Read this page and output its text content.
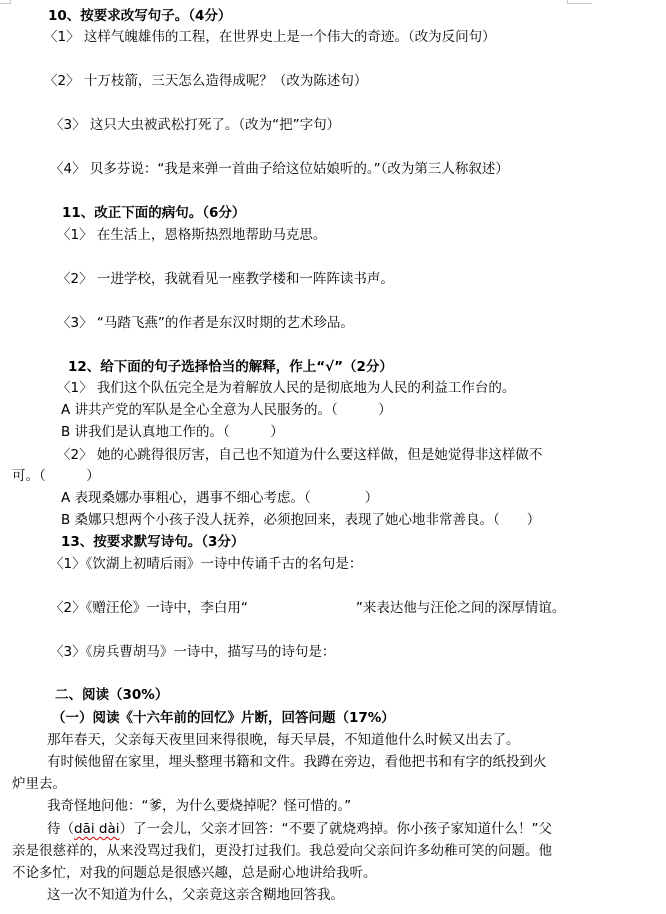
10、按要求改写句子。（4分）
〈1〉 这样气魄雄伟的工程，在世界史上是一个伟大的奇迹。（改为反问句）
〈2〉 十万枝箭，三天怎么造得成呢？（改为陈述句）
〈3〉 这只大虫被武松打死了。（改为“把”字句）
〈4〉 贝多芬说：“我是来弹一首曲子给这位姑娘听的。”（改为第三人称叙述）
11、改正下面的病句。（6分）
〈1〉 在生活上，恩格斯热烈地帮助马克思。
〈2〉 一进学校，我就看见一座教学楼和一阵阵读书声。
〈3〉 “马踏飞燕”的作者是东汉时期的艺术珍品。
12、给下面的句子选择恰当的解释，作上“√”（2分）
〈1〉 我们这个队伍完全是为着解放人民的是彻底地为人民的利益工作台的。
A 讲共产党的军队是全心全意为人民服务的。（　　　）
B 讲我们是认真地工作的。（　　　）
〈2〉 她的心跳得很厉害，自己也不知道为什么要这样做，但是她觉得非这样做不
可。（　　　）
A 表现桑娜办事粗心，遇事不细心考虑。（　　　　）
B 桑娜只想两个小孩子没人抚养，必须抱回来，表现了她心地非常善良。（　　）
13、按要求默写诗句。（3分）
〈1〉《饮湖上初晴后雨》一诗中传诵千古的名句是：
〈2〉《赠汪伦》一诗中，李白用“　　　　　　　　”来表达他与汪伦之间的深厚情谊。
〈3〉《房兵曹胡马》一诗中，描写马的诗句是：
二、阅读（30%）
（一）阅读《十六年前的回忆》片断，回答问题（17%）
那年春天，父亲每天夜里回来得很晚，每天早晨，不知道他什么时候又出去了。
有时候他留在家里，埋头整理书籍和文件。我蹲在旁边，看他把书和有字的纸投到火
炉里去。
我奇怪地问他：“爹，为什么要烧掉呢？怪可惜的。”
待（dāi dài）了一会儿，父亲才回答：“不要了就烧鸡掉。你小孩子家知道什么！”父
亲是很慈祥的，从来没骂过我们，更没打过我们。我总爱向父亲问许多幼稚可笑的问题。他
不论多忙，对我的问题总是很感兴趣，总是耐心地讲给我听。
这一次不知道为什么，父亲竟这亲含糊地回答我。
